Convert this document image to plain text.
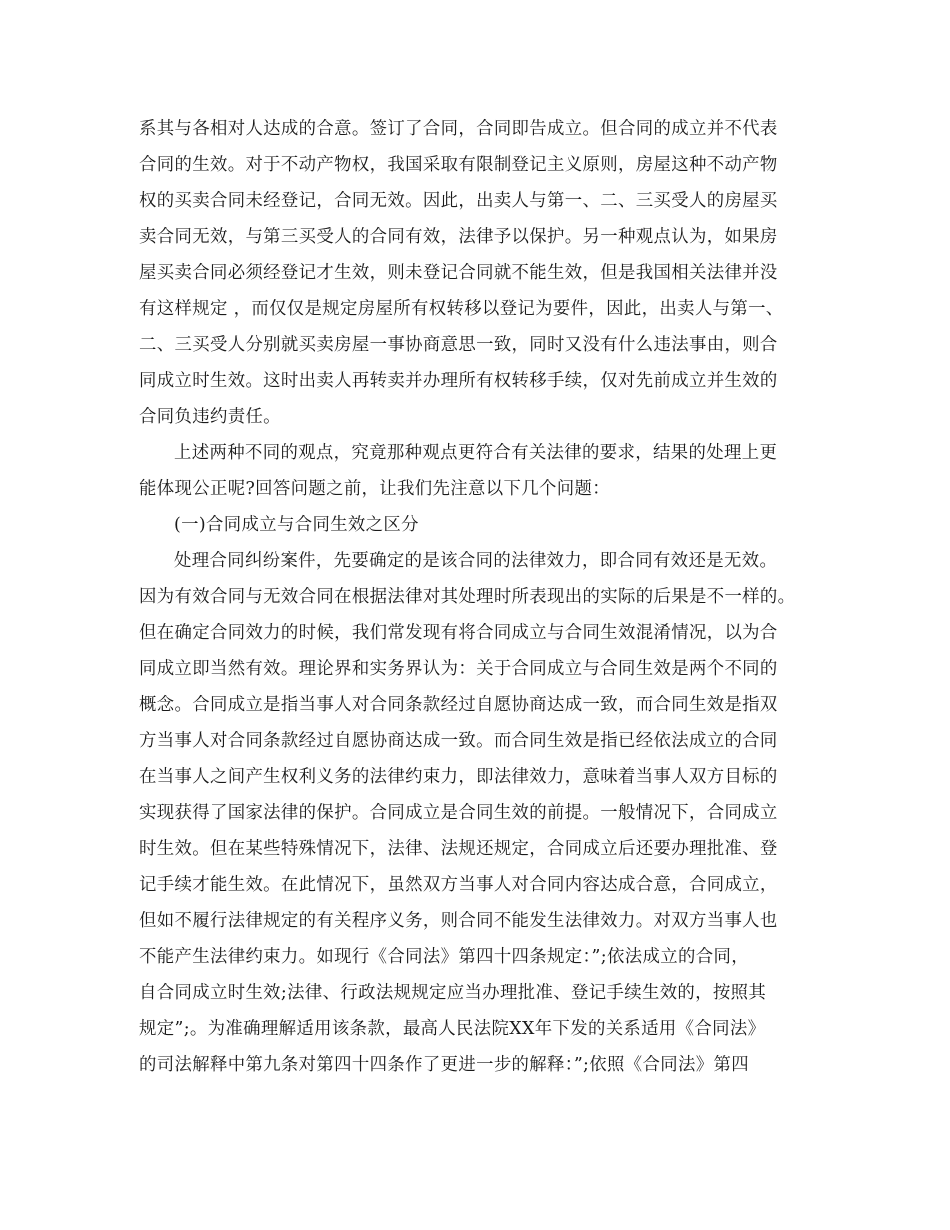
系其与各相对人达成的合意。签订了合同，合同即告成立。但合同的成立并不代表
合同的生效。对于不动产物权，我国采取有限制登记主义原则，房屋这种不动产物
权的买卖合同未经登记，合同无效。因此，出卖人与第一、二、三买受人的房屋买
卖合同无效，与第三买受人的合同有效，法律予以保护。另一种观点认为，如果房
屋买卖合同必须经登记才生效，则未登记合同就不能生效，但是我国相关法律并没
有这样规定 ，而仅仅是规定房屋所有权转移以登记为要件，因此，出卖人与第一、
二、三买受人分别就买卖房屋一事协商意思一致，同时又没有什么违法事由，则合
同成立时生效。这时出卖人再转卖并办理所有权转移手续，仅对先前成立并生效的
合同负违约责任。
上述两种不同的观点，究竟那种观点更符合有关法律的要求，结果的处理上更
能体现公正呢?回答问题之前，让我们先注意以下几个问题：
(一)合同成立与合同生效之区分
处理合同纠纷案件，先要确定的是该合同的法律效力，即合同有效还是无效。
因为有效合同与无效合同在根据法律对其处理时所表现出的实际的后果是不一样的。
但在确定合同效力的时候，我们常发现有将合同成立与合同生效混淆情况，以为合
同成立即当然有效。理论界和实务界认为：关于合同成立与合同生效是两个不同的
概念。合同成立是指当事人对合同条款经过自愿协商达成一致，而合同生效是指双
方当事人对合同条款经过自愿协商达成一致。而合同生效是指已经依法成立的合同
在当事人之间产生权利义务的法律约束力，即法律效力，意味着当事人双方目标的
实现获得了国家法律的保护。合同成立是合同生效的前提。一般情况下，合同成立
时生效。但在某些特殊情况下，法律、法规还规定，合同成立后还要办理批准、登
记手续才能生效。在此情况下，虽然双方当事人对合同内容达成合意，合同成立，
但如不履行法律规定的有关程序义务，则合同不能发生法律效力。对双方当事人也
不能产生法律约束力。如现行《合同法》第四十四条规定：”;依法成立的合同，
自合同成立时生效;法律、行政法规规定应当办理批准、登记手续生效的，按照其
规定”;。为准确理解适用该条款，最高人民法院XX年下发的关系适用《合同法》
的司法解释中第九条对第四十四条作了更进一步的解释：”;依照《合同法》第四
